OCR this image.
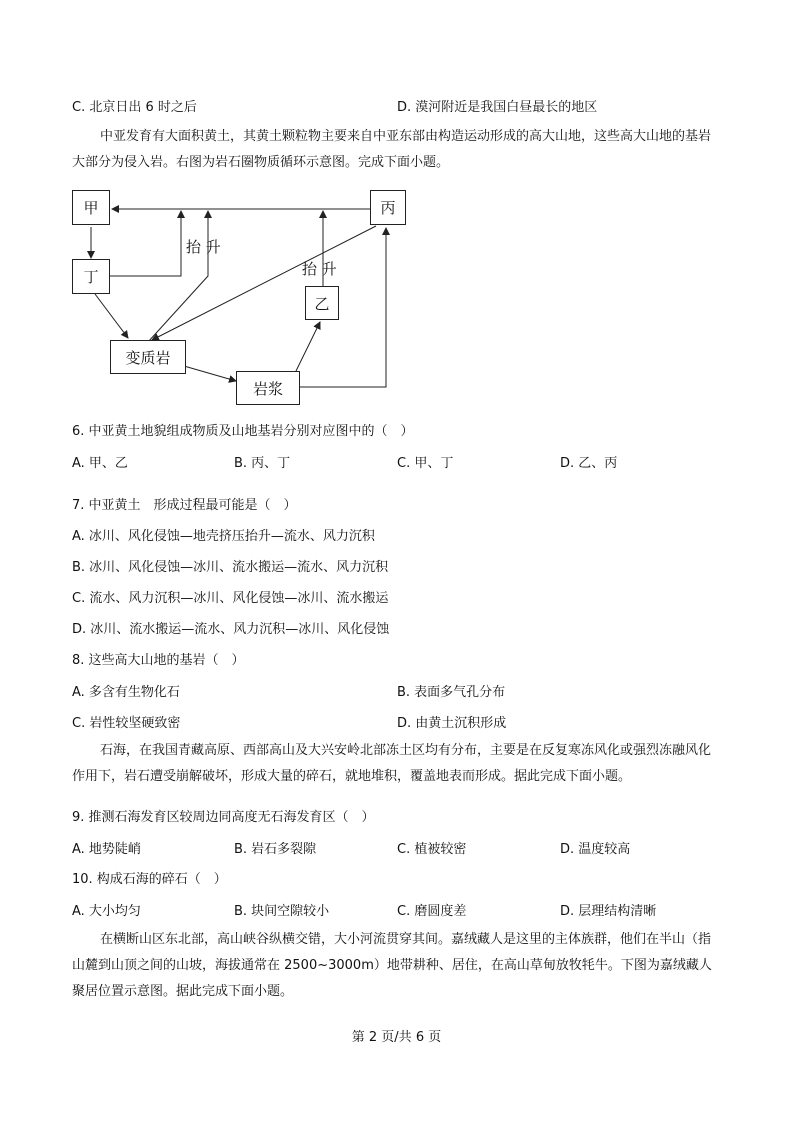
C. 北京日出 6 时之后	D. 漠河附近是我国白昼最长的地区
中亚发育有大面积黄土，其黄土颗粒物主要来自中亚东部由构造运动形成的高大山地，这些高大山地的基岩大部分为侵入岩。右图为岩石圈物质循环示意图。完成下面小题。
甲	丙
丁
乙
变质岩
岩浆
抬 升
抬 升
6. 中亚黄土地貌组成物质及山地基岩分别对应图中的（　）
A. 甲、乙	B. 丙、丁	C. 甲、丁	D. 乙、丙
7. 中亚黄土　形成过程最可能是（　）
A. 冰川、风化侵蚀—地壳挤压抬升—流水、风力沉积
B. 冰川、风化侵蚀—冰川、流水搬运—流水、风力沉积
C. 流水、风力沉积—冰川、风化侵蚀—冰川、流水搬运
D. 冰川、流水搬运—流水、风力沉积—冰川、风化侵蚀
8. 这些高大山地的基岩（　）
A. 多含有生物化石	B. 表面多气孔分布
C. 岩性较坚硬致密	D. 由黄土沉积形成
石海，在我国青藏高原、西部高山及大兴安岭北部冻土区均有分布，主要是在反复寒冻风化或强烈冻融风化作用下，岩石遭受崩解破坏，形成大量的碎石，就地堆积，覆盖地表而形成。据此完成下面小题。
9. 推测石海发育区较周边同高度无石海发育区（　）
A. 地势陡峭	B. 岩石多裂隙	C. 植被较密	D. 温度较高
10. 构成石海的碎石（　）
A. 大小均匀	B. 块间空隙较小	C. 磨圆度差	D. 层理结构清晰
在横断山区东北部，高山峡谷纵横交错，大小河流贯穿其间。嘉绒藏人是这里的主体族群，他们在半山（指山麓到山顶之间的山坡，海拔通常在 2500~3000m）地带耕种、居住，在高山草甸放牧牦牛。下图为嘉绒藏人聚居位置示意图。据此完成下面小题。
第 2 页/共 6 页
